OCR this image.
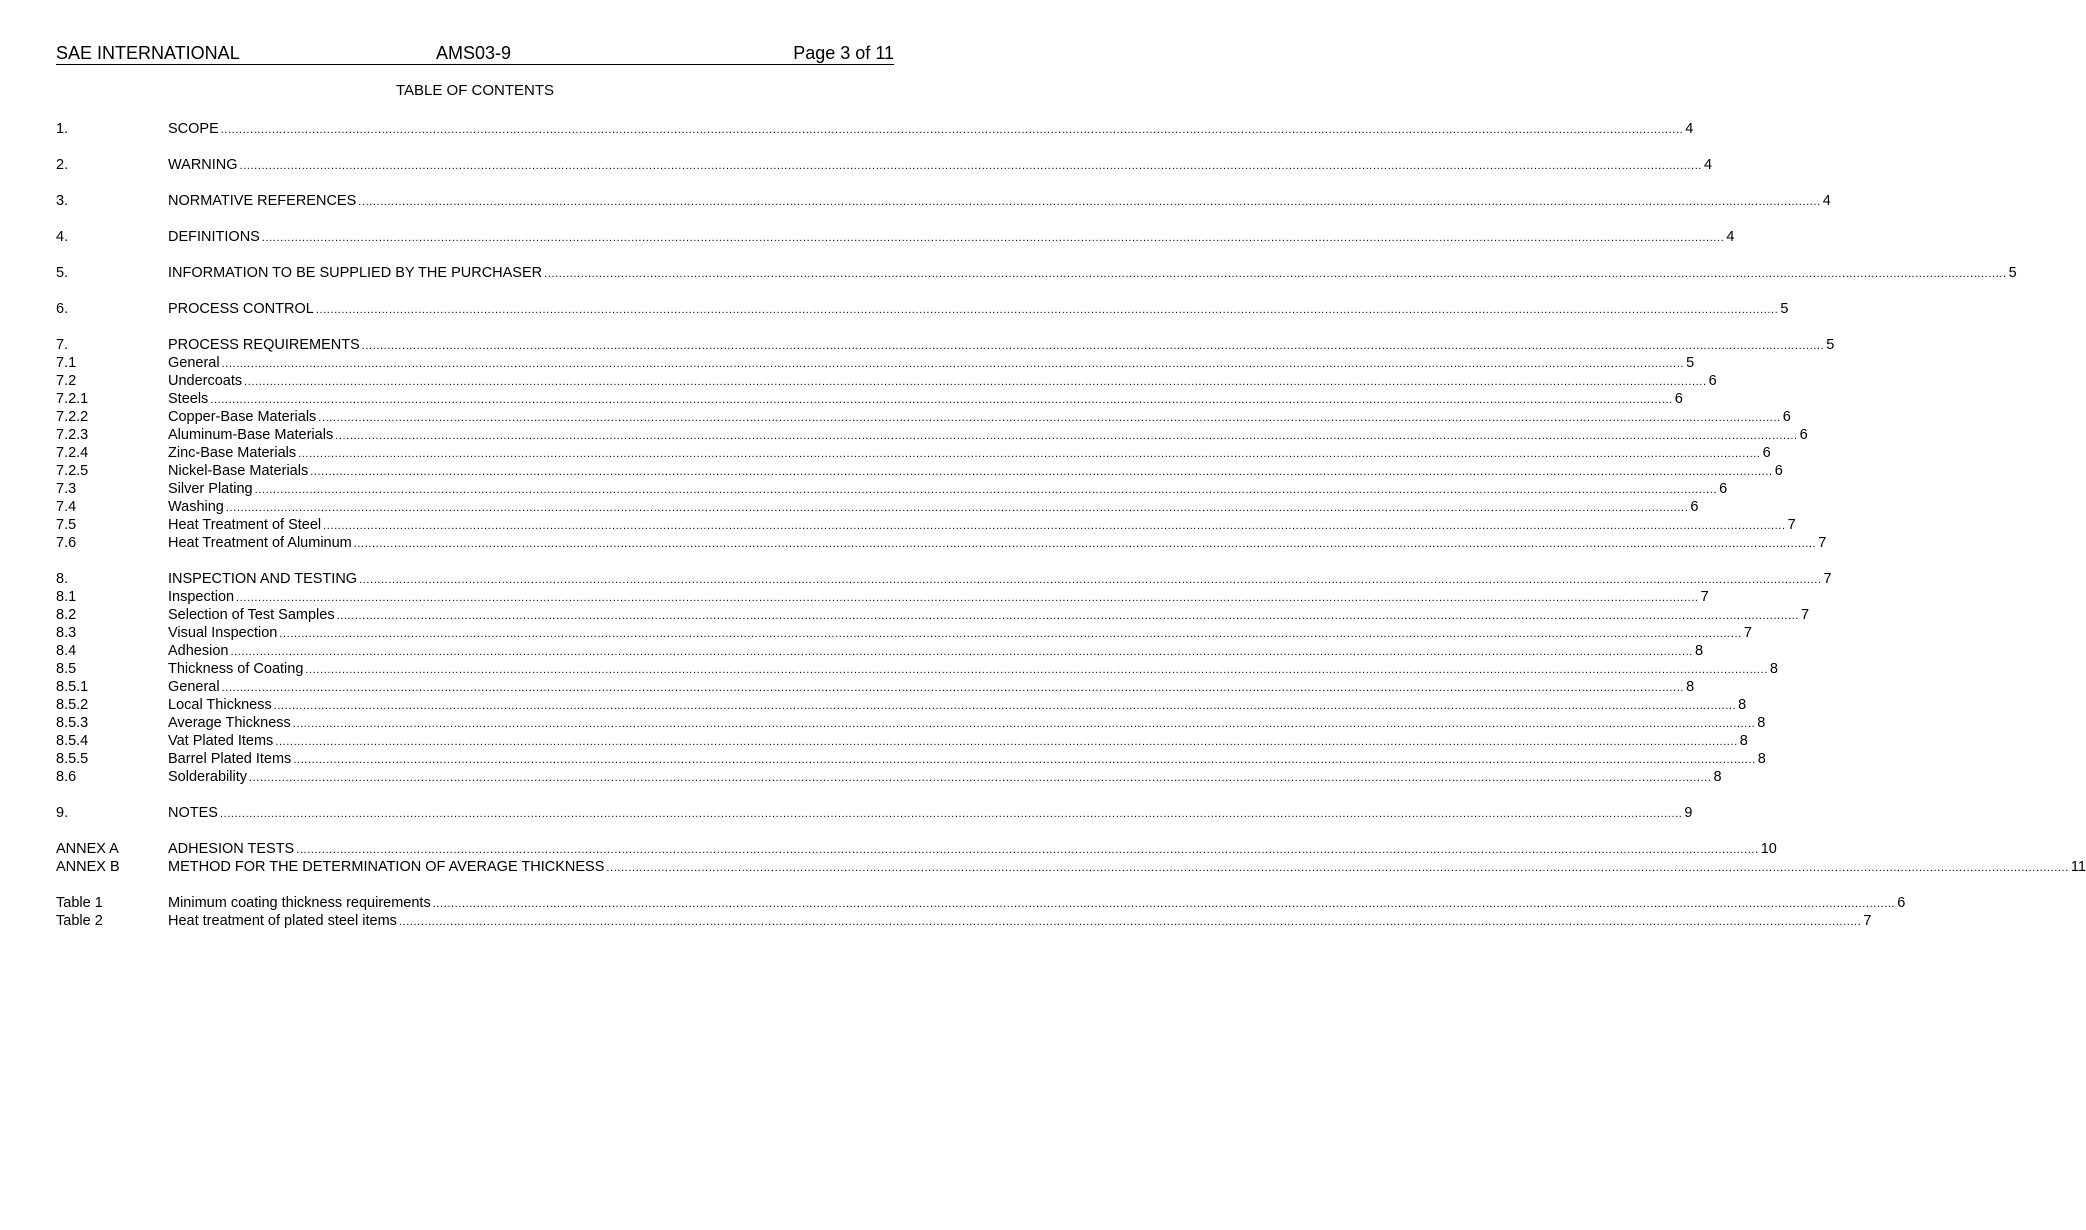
SAE INTERNATIONAL	AMS03-9	Page 3 of 11
TABLE OF CONTENTS
1.	SCOPE ................................................................................................................................................................................................................................................................................................................................................................................................................ 4
2.	WARNING ................................................................................................................................................................................................................................................................................................................................................................................................................ 4
3.	NORMATIVE REFERENCES ................................................................................................................................................................................................................................................................................................................................................................................................................ 4
4.	DEFINITIONS ................................................................................................................................................................................................................................................................................................................................................................................................................ 4
5.	INFORMATION TO BE SUPPLIED BY THE PURCHASER ................................................................................................................................................................................................................................................................................................................................................................................................................ 5
6.	PROCESS CONTROL ................................................................................................................................................................................................................................................................................................................................................................................................................ 5
7.	PROCESS REQUIREMENTS ................................................................................................................................................................................................................................................................................................................................................................................................................ 5
7.1	General ................................................................................................................................................................................................................................................................................................................................................................................................................ 5
7.2	Undercoats ................................................................................................................................................................................................................................................................................................................................................................................................................ 6
7.2.1	Steels ................................................................................................................................................................................................................................................................................................................................................................................................................ 6
7.2.2	Copper-Base Materials ................................................................................................................................................................................................................................................................................................................................................................................................................ 6
7.2.3	Aluminum-Base Materials ................................................................................................................................................................................................................................................................................................................................................................................................................ 6
7.2.4	Zinc-Base Materials ................................................................................................................................................................................................................................................................................................................................................................................................................ 6
7.2.5	Nickel-Base Materials ................................................................................................................................................................................................................................................................................................................................................................................................................ 6
7.3	Silver Plating ................................................................................................................................................................................................................................................................................................................................................................................................................ 6
7.4	Washing ................................................................................................................................................................................................................................................................................................................................................................................................................ 6
7.5	Heat Treatment of Steel ................................................................................................................................................................................................................................................................................................................................................................................................................ 7
7.6	Heat Treatment of Aluminum ................................................................................................................................................................................................................................................................................................................................................................................................................ 7
8.	INSPECTION AND TESTING ................................................................................................................................................................................................................................................................................................................................................................................................................ 7
8.1	Inspection ................................................................................................................................................................................................................................................................................................................................................................................................................ 7
8.2	Selection of Test Samples ................................................................................................................................................................................................................................................................................................................................................................................................................ 7
8.3	Visual Inspection ................................................................................................................................................................................................................................................................................................................................................................................................................ 7
8.4	Adhesion ................................................................................................................................................................................................................................................................................................................................................................................................................ 8
8.5	Thickness of Coating ................................................................................................................................................................................................................................................................................................................................................................................................................ 8
8.5.1	General ................................................................................................................................................................................................................................................................................................................................................................................................................ 8
8.5.2	Local Thickness ................................................................................................................................................................................................................................................................................................................................................................................................................ 8
8.5.3	Average Thickness ................................................................................................................................................................................................................................................................................................................................................................................................................ 8
8.5.4	Vat Plated Items ................................................................................................................................................................................................................................................................................................................................................................................................................ 8
8.5.5	Barrel Plated Items ................................................................................................................................................................................................................................................................................................................................................................................................................ 8
8.6	Solderability ................................................................................................................................................................................................................................................................................................................................................................................................................ 8
9.	NOTES ................................................................................................................................................................................................................................................................................................................................................................................................................ 9
ANNEX A	ADHESION TESTS ................................................................................................................................................................................................................................................................................................................................................................................................................ 10
ANNEX B	METHOD FOR THE DETERMINATION OF AVERAGE THICKNESS ................................................................................................................................................................................................................................................................................................................................................................................................................ 11
Table 1	Minimum coating thickness requirements ................................................................................................................................................................................................................................................................................................................................................................................................................ 6
Table 2	Heat treatment of plated steel items ................................................................................................................................................................................................................................................................................................................................................................................................................ 7
